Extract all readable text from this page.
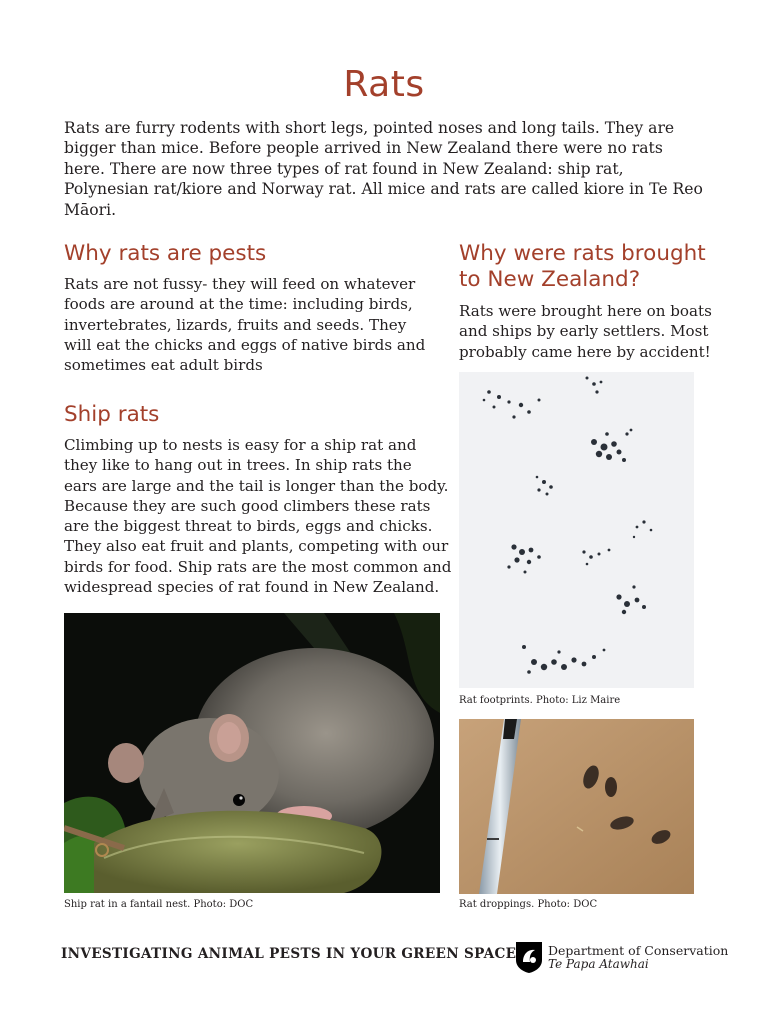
Rats
Rats are furry rodents with short legs, pointed noses and long tails. They are bigger than mice. Before people arrived in New Zealand there were no rats here. There are now three types of rat found in New Zealand: ship rat, Polynesian rat/kiore and Norway rat. All mice and rats are called kiore in Te Reo Māori.
Why rats are pests
Rats are not fussy- they will feed on whatever
foods are around at the time: including birds,
invertebrates, lizards, fruits and seeds. They
will eat the chicks and eggs of native birds and
sometimes eat adult birds
Ship rats
Climbing up to nests is easy for a ship rat and
they like to hang out in trees. In ship rats the
ears are large and the tail is longer than the body.
Because they are such good climbers these rats
are the biggest threat to birds, eggs and chicks.
They also eat fruit and plants, competing with our
birds for food. Ship rats are the most common and
widespread species of rat found in New Zealand.
Ship rat in a fantail nest. Photo: DOC
Why were rats brought
to New Zealand?
Rats were brought here on boats
and ships by early settlers. Most
probably came here by accident!
Rat footprints. Photo: Liz Maire
Rat droppings. Photo: DOC
INVESTIGATING ANIMAL PESTS IN YOUR GREEN SPACE	Department of Conservation
Te Papa Atawhai
